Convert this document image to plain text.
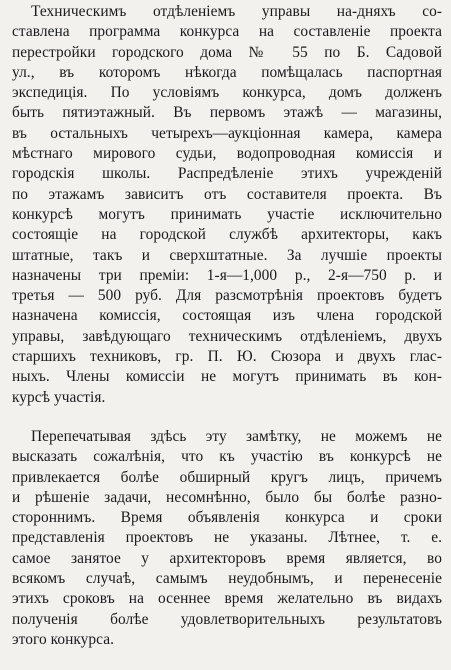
Техническимъ отдѣленіемъ управы на-дняхъ со-
ставлена программа конкурса на составленіе проекта
перестройки городского дома № 55 по Б. Садовой
ул., въ которомъ нѣкогда помѣщалась паспортная
экспедиція. По условіямъ конкурса, домъ долженъ
быть пятиэтажный. Въ первомъ этажѣ — магазины,
въ остальныхъ четырехъ—аукціонная камера, камера
мѣстнаго мирового судьи, водопроводная комиссія и
городскія школы. Распредѣленіе этихъ учрежденій
по этажамъ зависитъ отъ составителя проекта. Въ
конкурсѣ могутъ принимать участіе исключительно
состоящіе на городской службѣ архитекторы, какъ
штатные, такъ и сверхштатные. За лучшіе проекты
назначены три преміи: 1-я—1,000 р., 2-я—750 р. и
третья — 500 руб. Для разсмотрѣнія проектовъ будетъ
назначена комиссія, состоящая изъ члена городской
управы, завѣдующаго техническимъ отдѣленіемъ, двухъ
старшихъ техниковъ, гр. П. Ю. Сюзора и двухъ глас-
ныхъ. Члены комиссіи не могутъ принимать въ кон-
курсѣ участія.
Перепечатывая здѣсь эту замѣтку, не можемъ не
высказать сожалѣнія, что къ участію въ конкурсѣ не
привлекается болѣе обширный кругъ лицъ, причемъ
и рѣшеніе задачи, несомнѣнно, было бы болѣе разно-
стороннимъ. Время объявленія конкурса и сроки
представленія проектовъ не указаны. Лѣтнее, т. е.
самое занятое у архитекторовъ время является, во
всякомъ случаѣ, самымъ неудобнымъ, и перенесеніе
этихъ сроковъ на осеннее время желательно въ видахъ
полученія болѣе удовлетворительныхъ результатовъ
этого конкурса.
